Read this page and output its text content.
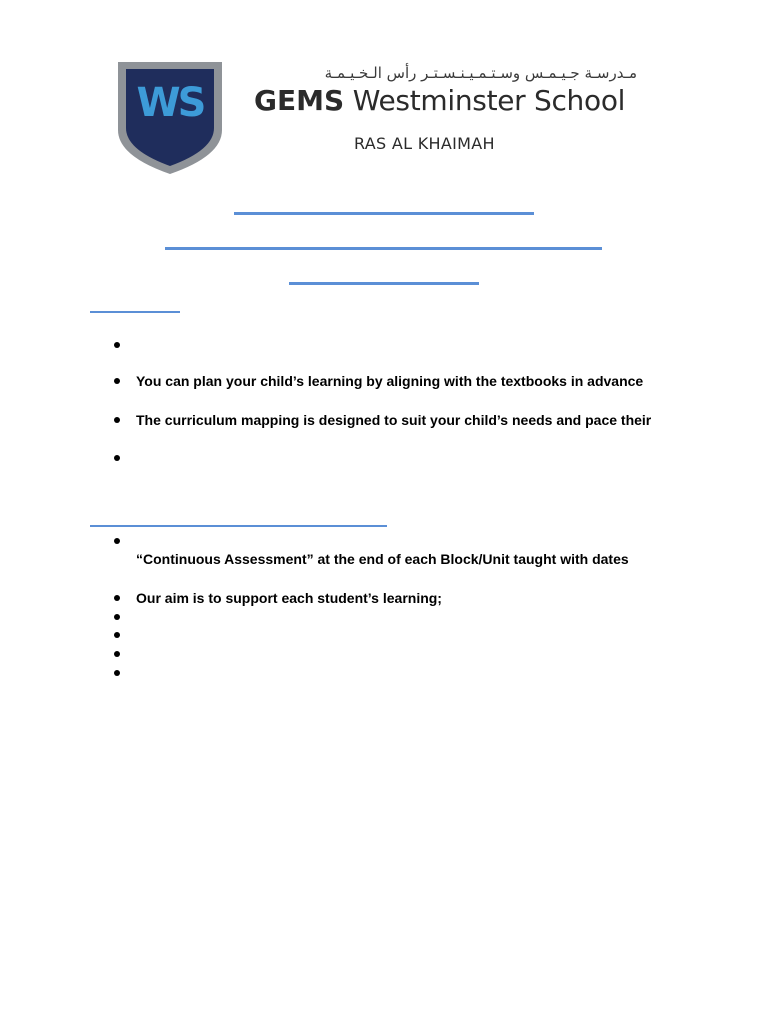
WS
مـدرسـة جـيـمـس وسـتـمـيـنـسـتـر رأس الـخـيـمـة
GEMS Westminster School
RAS AL KHAIMAH
You can plan your child’s learning by aligning with the textbooks in advance
The curriculum mapping is designed to suit your child’s needs and pace their
“Continuous Assessment” at the end of each Block/Unit taught with dates
Our aim is to support each student’s learning;
